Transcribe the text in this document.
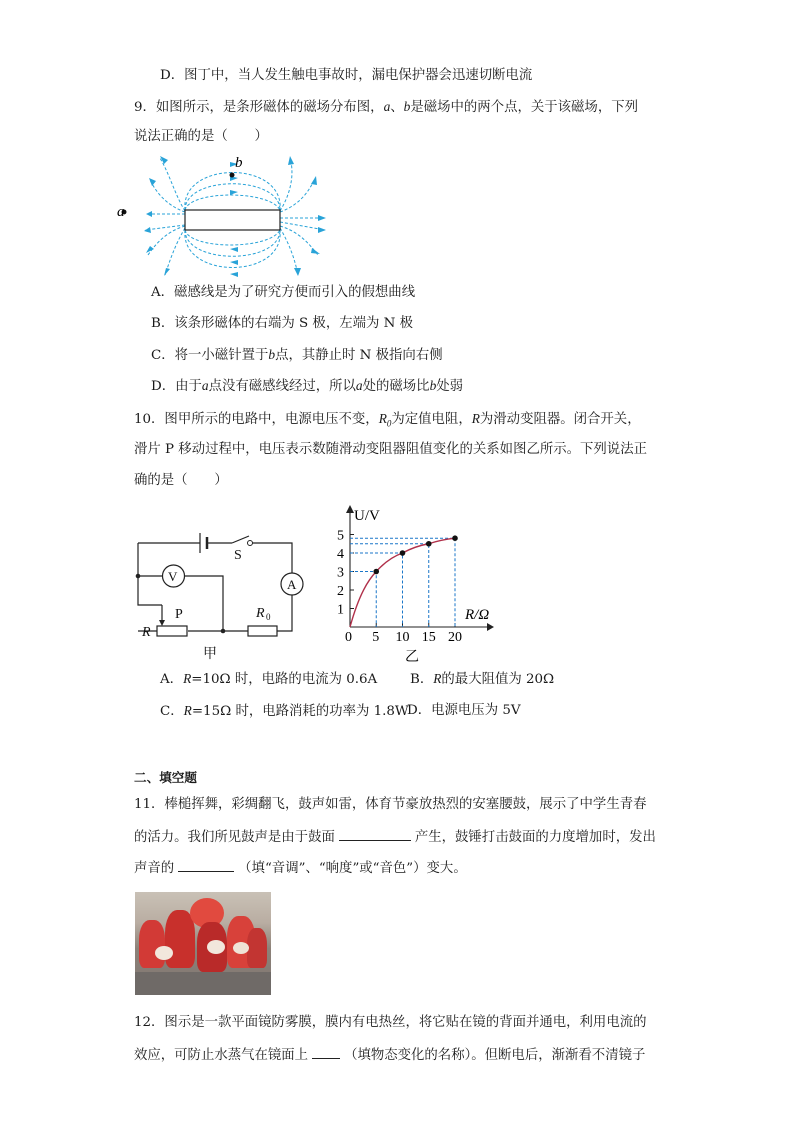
D．图丁中，当人发生触电事故时，漏电保护器会迅速切断电流
9．如图所示，是条形磁体的磁场分布图，a、b是磁场中的两个点，关于该磁场，下列
说法正确的是（　　）
b
a
A．磁感线是为了研究方便而引入的假想曲线
B．该条形磁体的右端为 S 极，左端为 N 极
C．将一小磁针置于b点，其静止时 N 极指向右侧
D．由于a点没有磁感线经过，所以a处的磁场比b处弱
10．图甲所示的电路中，电源电压不变，$R_0$为定值电阻，R为滑动变阻器。闭合开关，
滑片 P 移动过程中，电压表示数随滑动变阻器阻值变化的关系如图乙所示。下列说法正
确的是（　　）
S
V
A
P
R
R 0
甲
U/V
R/Ω
0
乙
5 10 15 20
1
2
3
4
5
A．R=10Ω 时，电路的电流为 0.6A B．R的最大阻值为 20Ω
C．R=15Ω 时，电路消耗的功率为 1.8W
D．电源电压为 5V
二、填空题
11．棒槌挥舞，彩绸翻飞，鼓声如雷，体育节豪放热烈的安塞腰鼓，展示了中学生青春
的活力。我们所见鼓声是由于鼓面	产生，鼓锤打击鼓面的力度增加时，发出
声音的	（填“音调”、“响度”或“音色”）变大。
12．图示是一款平面镜防雾膜，膜内有电热丝，将它贴在镜的背面并通电，利用电流的
效应，可防止水蒸气在镜面上	（填物态变化的名称）。但断电后，渐渐看不清镜子
